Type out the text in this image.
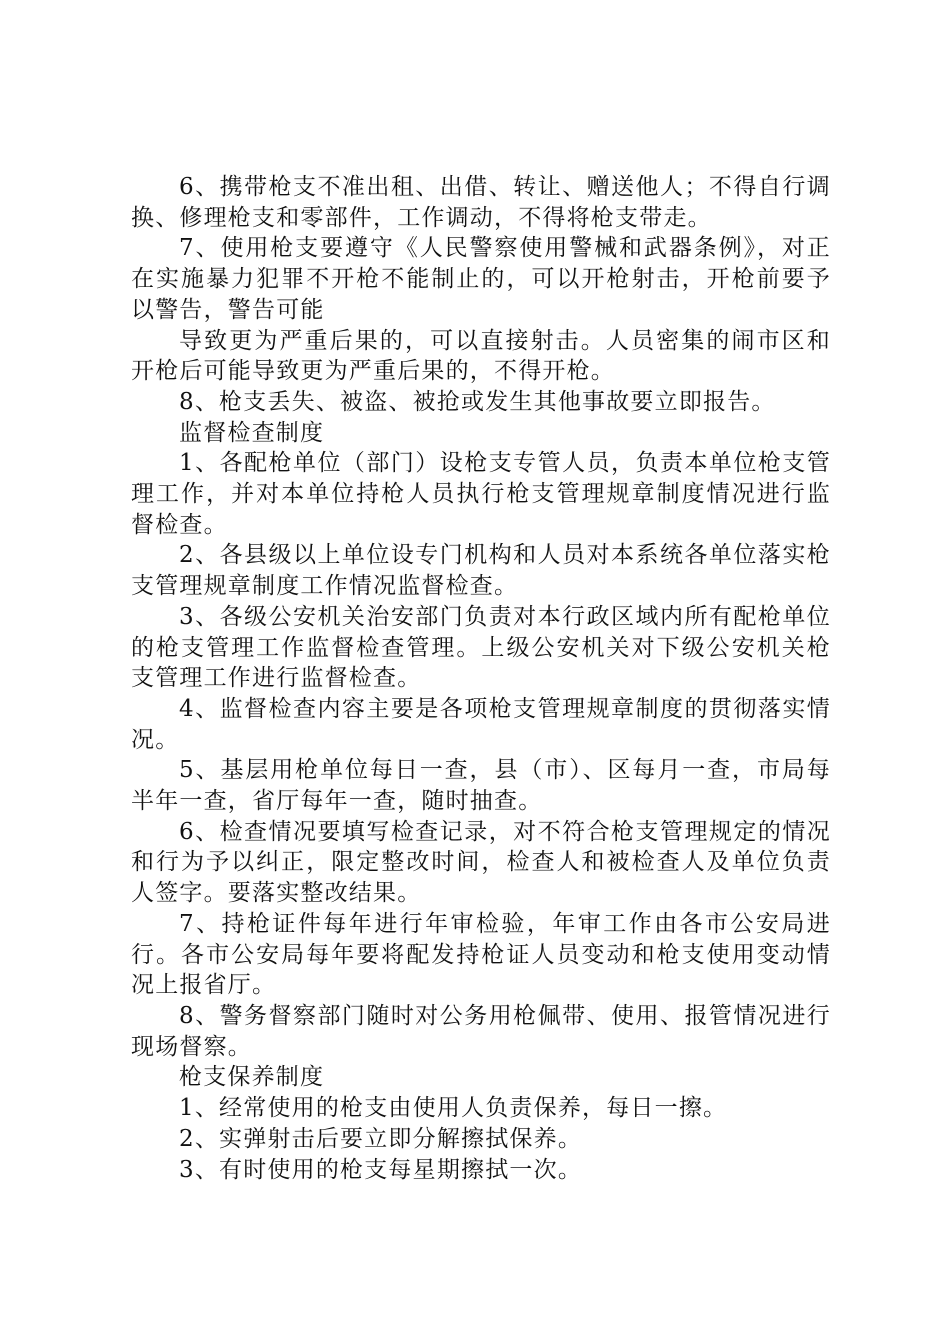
6、携带枪支不准出租、出借、转让、赠送他人；不得自行调换、修理枪支和零部件，工作调动，不得将枪支带走。

7、使用枪支要遵守《人民警察使用警械和武器条例》，对正在实施暴力犯罪不开枪不能制止的，可以开枪射击，开枪前要予以警告，警告可能

导致更为严重后果的，可以直接射击。人员密集的闹市区和开枪后可能导致更为严重后果的，不得开枪。

8、枪支丢失、被盗、被抢或发生其他事故要立即报告。

监督检查制度

1、各配枪单位（部门）设枪支专管人员，负责本单位枪支管理工作，并对本单位持枪人员执行枪支管理规章制度情况进行监督检查。

2、各县级以上单位设专门机构和人员对本系统各单位落实枪支管理规章制度工作情况监督检查。

3、各级公安机关治安部门负责对本行政区域内所有配枪单位的枪支管理工作监督检查管理。上级公安机关对下级公安机关枪支管理工作进行监督检查。

4、监督检查内容主要是各项枪支管理规章制度的贯彻落实情况。

5、基层用枪单位每日一查，县（市）、区每月一查，市局每半年一查，省厅每年一查，随时抽查。

6、检查情况要填写检查记录，对不符合枪支管理规定的情况和行为予以纠正，限定整改时间，检查人和被检查人及单位负责人签字。要落实整改结果。

7、持枪证件每年进行年审检验，年审工作由各市公安局进行。各市公安局每年要将配发持枪证人员变动和枪支使用变动情况上报省厅。

8、警务督察部门随时对公务用枪佩带、使用、报管情况进行现场督察。

枪支保养制度

1、经常使用的枪支由使用人负责保养，每日一擦。

2、实弹射击后要立即分解擦拭保养。

3、有时使用的枪支每星期擦拭一次。
